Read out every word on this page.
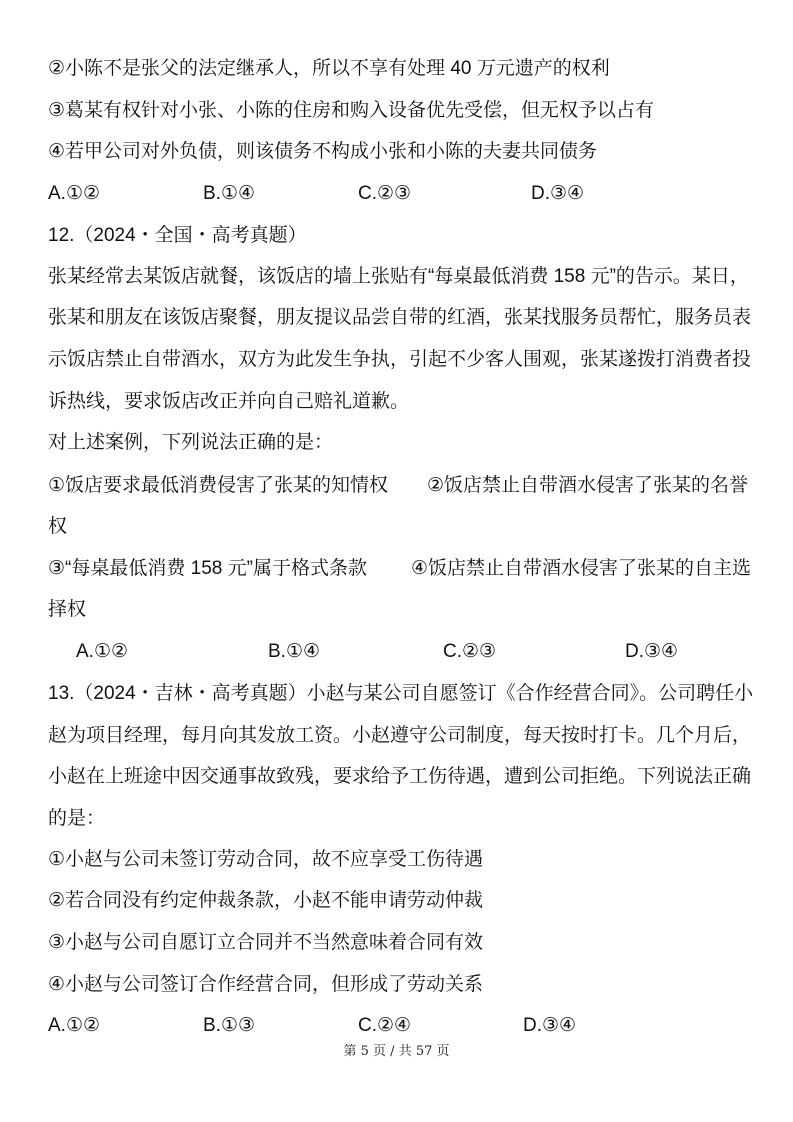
②小陈不是张父的法定继承人，所以不享有处理 40 万元遗产的权利
③葛某有权针对小张、小陈的住房和购入设备优先受偿，但无权予以占有
④若甲公司对外负债，则该债务不构成小张和小陈的夫妻共同债务
A.①②	B.①④	C.②③	D.③④
12.（2024・全国・高考真题）
张某经常去某饭店就餐，该饭店的墙上张贴有“每桌最低消费 158 元”的告示。某日，
张某和朋友在该饭店聚餐，朋友提议品尝自带的红酒，张某找服务员帮忙，服务员表
示饭店禁止自带酒水，双方为此发生争执，引起不少客人围观，张某遂拨打消费者投
诉热线，要求饭店改正并向自己赔礼道歉。
对上述案例，下列说法正确的是：
①饭店要求最低消费侵害了张某的知情权 ②饭店禁止自带酒水侵害了张某的名誉
权
③“每桌最低消费 158 元”属于格式条款 ④饭店禁止自带酒水侵害了张某的自主选
择权
A.①②	B.①④	C.②③	D.③④
13.（2024・吉林・高考真题）小赵与某公司自愿签订《合作经营合同》。公司聘任小
赵为项目经理，每月向其发放工资。小赵遵守公司制度，每天按时打卡。几个月后，
小赵在上班途中因交通事故致残，要求给予工伤待遇，遭到公司拒绝。下列说法正确
的是：
①小赵与公司未签订劳动合同，故不应享受工伤待遇
②若合同没有约定仲裁条款，小赵不能申请劳动仲裁
③小赵与公司自愿订立合同并不当然意味着合同有效
④小赵与公司签订合作经营合同，但形成了劳动关系
A.①②	B.①③	C.②④	D.③④
第 5 页 / 共 57 页
